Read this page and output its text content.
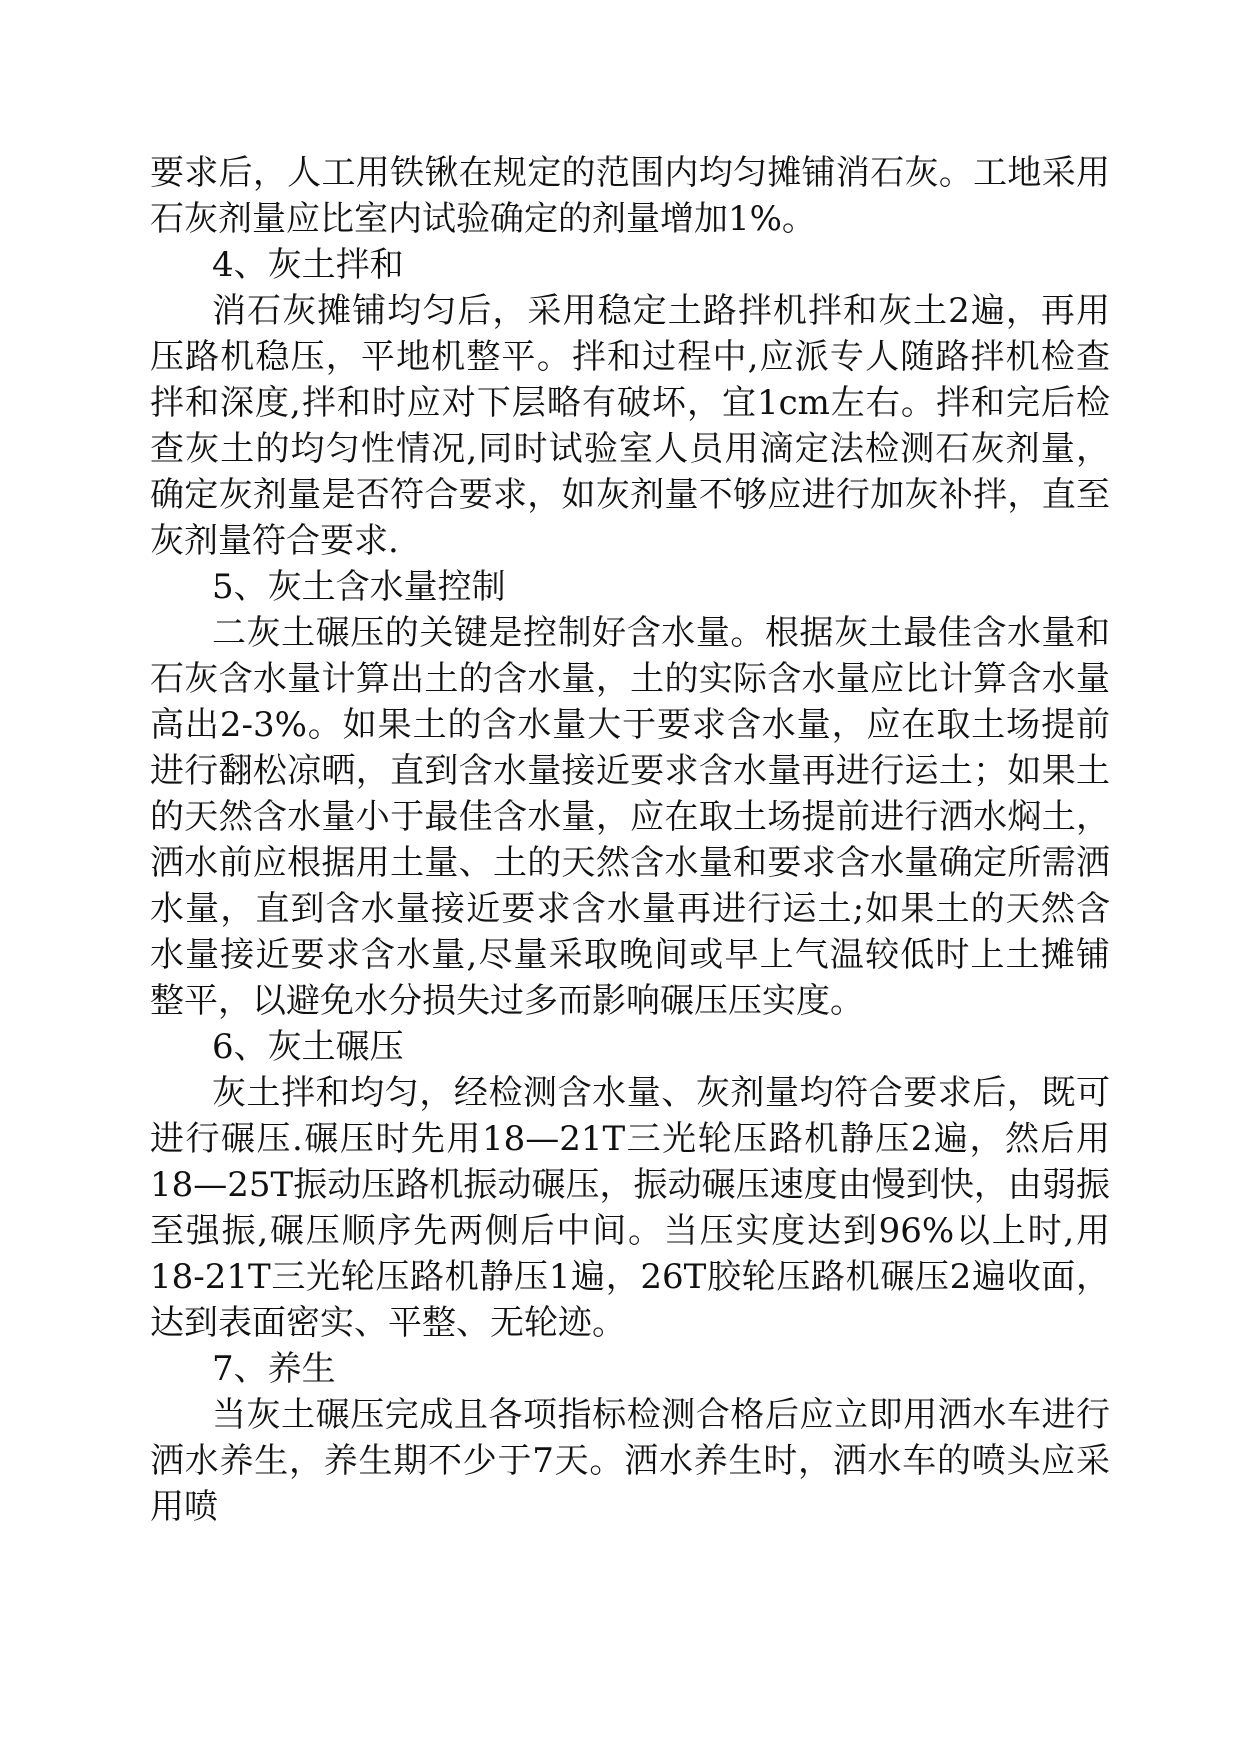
要求后，人工用铁锹在规定的范围内均匀摊铺消石灰。工地采用石灰剂量应比室内试验确定的剂量增加1%。

4、灰土拌和

消石灰摊铺均匀后，采用稳定土路拌机拌和灰土2遍，再用压路机稳压，平地机整平。拌和过程中,应派专人随路拌机检查拌和深度,拌和时应对下层略有破坏，宜1cm左右。拌和完后检查灰土的均匀性情况,同时试验室人员用滴定法检测石灰剂量，确定灰剂量是否符合要求，如灰剂量不够应进行加灰补拌，直至灰剂量符合要求.

5、灰土含水量控制

二灰土碾压的关键是控制好含水量。根据灰土最佳含水量和石灰含水量计算出土的含水量，土的实际含水量应比计算含水量高出2-3%。如果土的含水量大于要求含水量，应在取土场提前进行翻松凉晒，直到含水量接近要求含水量再进行运土；如果土的天然含水量小于最佳含水量，应在取土场提前进行洒水焖土，洒水前应根据用土量、土的天然含水量和要求含水量确定所需洒水量，直到含水量接近要求含水量再进行运土;如果土的天然含水量接近要求含水量,尽量采取晚间或早上气温较低时上土摊铺整平，以避免水分损失过多而影响碾压压实度。

6、灰土碾压

灰土拌和均匀，经检测含水量、灰剂量均符合要求后，既可进行碾压.碾压时先用18—21T三光轮压路机静压2遍，然后用18—25T振动压路机振动碾压，振动碾压速度由慢到快，由弱振至强振,碾压顺序先两侧后中间。当压实度达到96%以上时,用18-21T三光轮压路机静压1遍，26T胶轮压路机碾压2遍收面，达到表面密实、平整、无轮迹。

7、养生

当灰土碾压完成且各项指标检测合格后应立即用洒水车进行洒水养生，养生期不少于7天。洒水养生时，洒水车的喷头应采用喷
